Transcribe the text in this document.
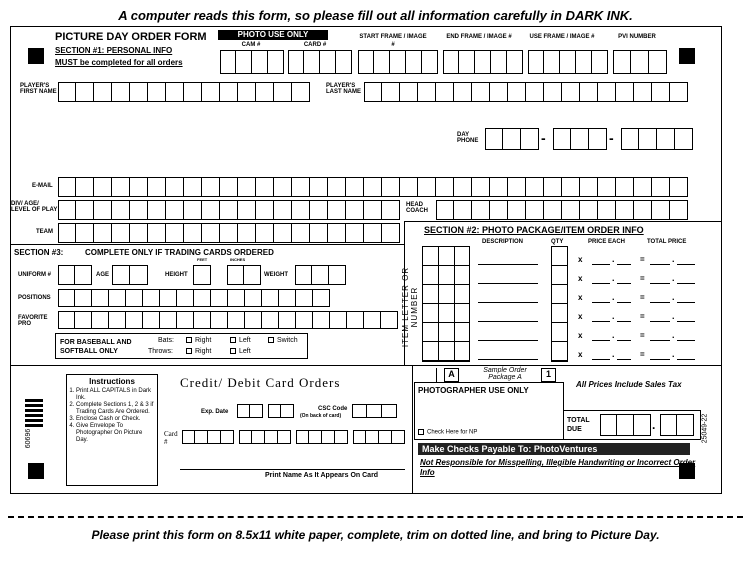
A computer reads this form, so please fill out all information carefully in DARK INK.
PICTURE DAY ORDER FORM
SECTION #1: PERSONAL INFO
MUST be completed for all orders
PHOTO USE ONLY
CAM #	CARD #
START FRAME / IMAGE #
END FRAME / IMAGE #	USE FRAME / IMAGE #	PVI NUMBER
PLAYER'S FIRST NAME
PLAYER'S LAST NAME
DAY PHONE	-	-
E-MAIL
DIV/ AGE/ LEVEL OF PLAY
HEAD COACH
TEAM
SECTION #3:	COMPLETE ONLY IF TRADING CARDS ORDERED
UNIFORM #	AGE	HEIGHT
FEET	INCHES
WEIGHT
POSITIONS
FAVORITE PRO
FOR BASEBALL AND SOFTBALL ONLY
Bats:	Right	Left	Switch
Throws:	Right	Left
SECTION #2: PHOTO PACKAGE/ITEM ORDER INFO
DESCRIPTION	QTY	PRICE EACH	TOTAL PRICE
ITEM LETTER OR NUMBER
x	.	=	.
x	.	=	.
x	.	=	.
x	.	=	.
x	.	=	.
x	.	=	.
A	Sample Order Package A	1
All Prices Include Sales Tax
60696
Instructions
1. Print ALL CAPITALS in Dark Ink.
2. Complete Sections 1, 2 & 3 if Trading Cards Are Ordered.
3. Enclose Cash or Check.
4. Give Envelope To Photographer On Picture Day.
Credit/ Debit Card Orders
Exp. Date	CSC Code
(On back of card)
Card #
Print Name As It Appears On Card
PHOTOGRAPHER USE ONLY
Check Here for NP
TOTAL DUE	.
Make Checks Payable To: PhotoVentures
Not Responsible for Misspelling, Illegible Handwriting or Incorrect Order Info
25049-22
Please print this form on 8.5x11 white paper, complete, trim on dotted line, and bring to Picture Day.
